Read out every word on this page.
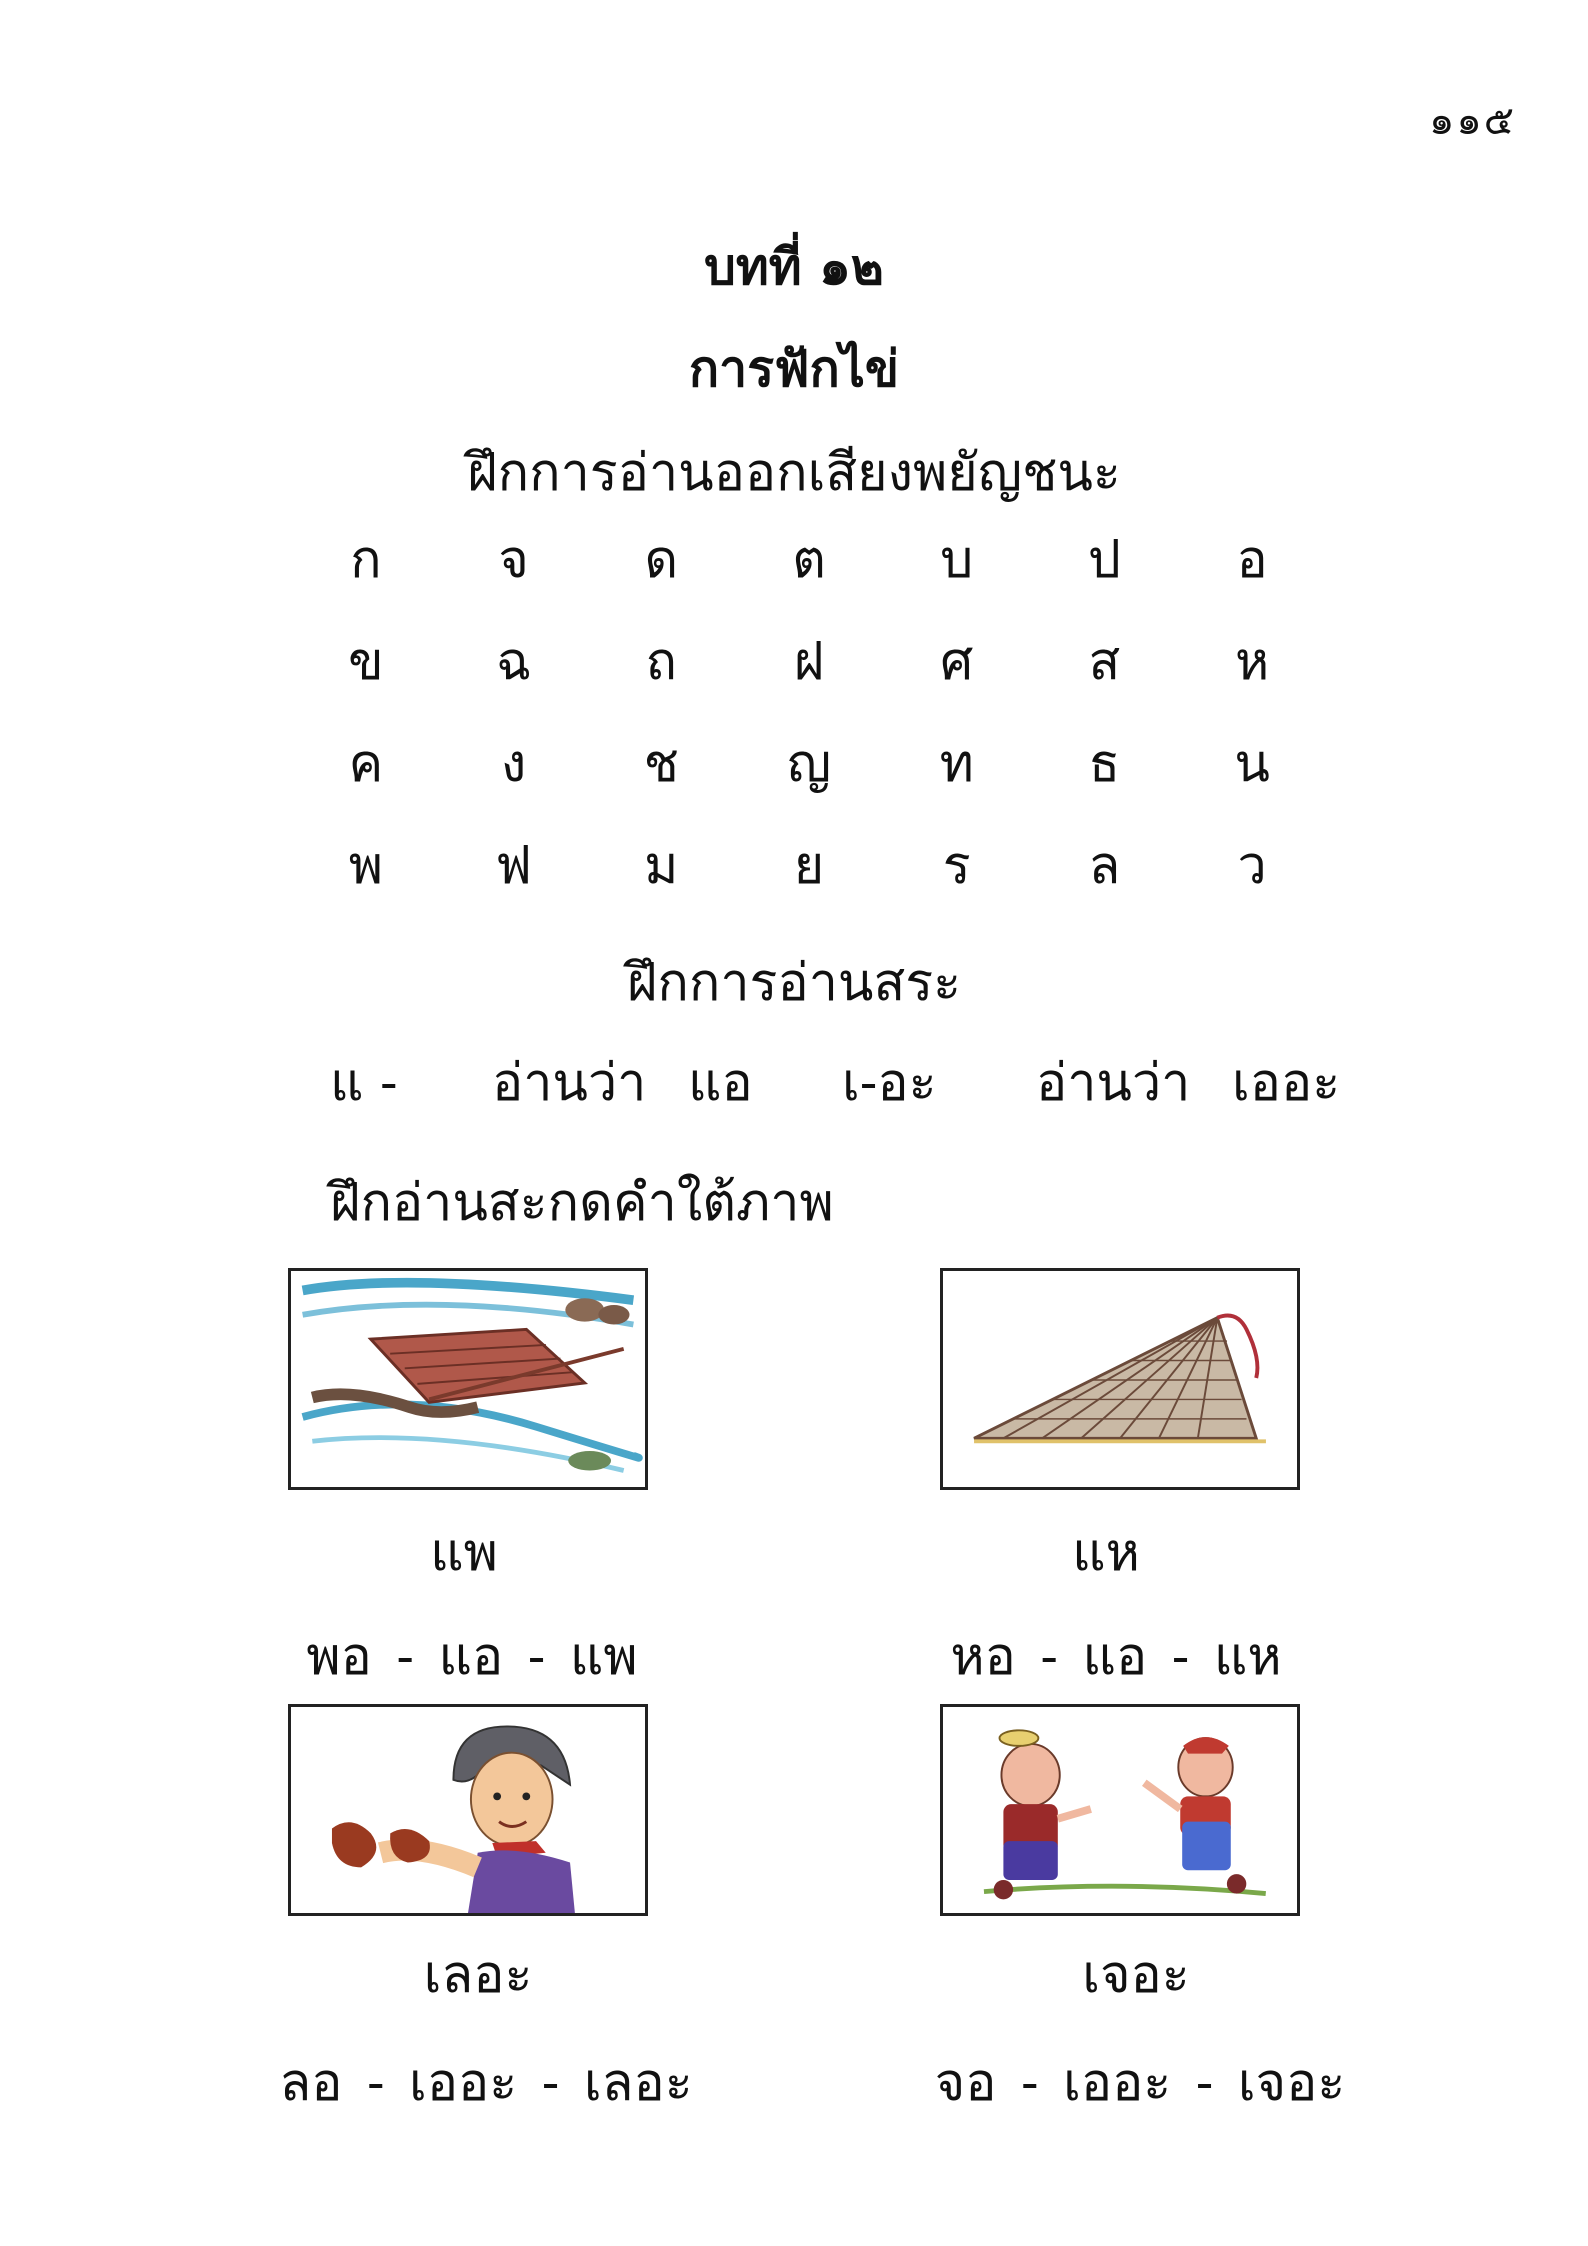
๑๑๕
บทที่ ๑๒
การฟักไข่
ฝึกการอ่านออกเสียงพยัญชนะ
ก	จ	ด	ต	บ	ป	อ
ข	ฉ	ถ	ฝ	ศ	ส	ห
ค	ง	ช	ญ	ท	ธ	น
พ	ฟ	ม	ย	ร	ล	ว
ฝึกการอ่านสระ
แ - อ่านว่า แอ เ-อะ อ่านว่า เออะ
ฝึกอ่านสะกดคำใต้ภาพ
แพ
พอ - แอ - แพ
แห
หอ - แอ - แห
เลอะ
ลอ - เออะ - เลอะ
เจอะ
จอ - เออะ - เจอะ
